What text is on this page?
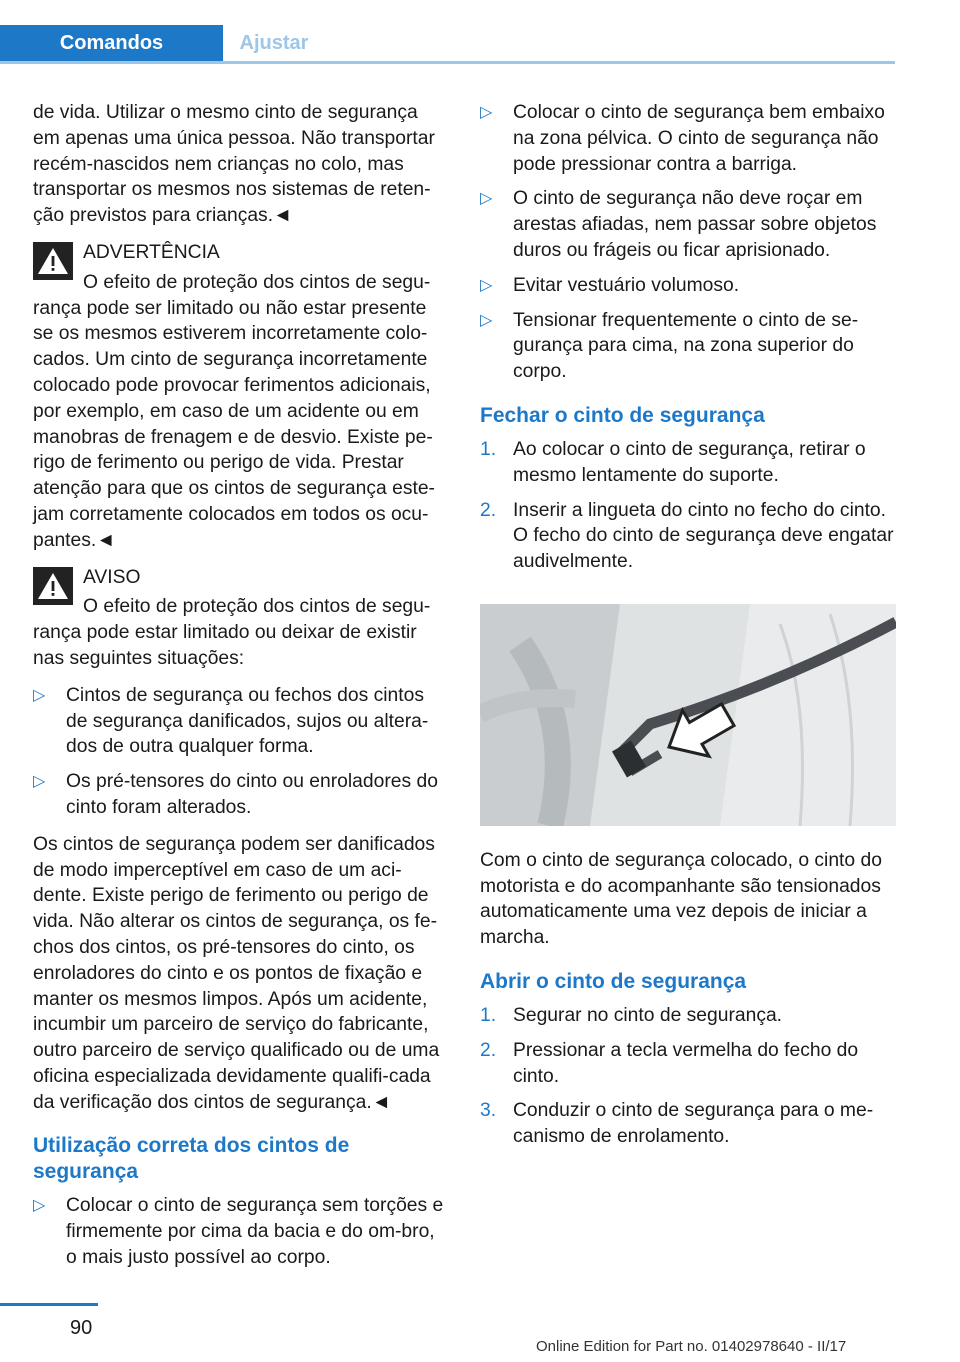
Comandos	Ajustar

de vida. Utilizar o mesmo cinto de segurança em apenas uma única pessoa. Não transportar recém-nascidos nem crianças no colo, mas transportar os mesmos nos sistemas de reten-ção previstos para crianças.◄

ADVERTÊNCIA
O efeito de proteção dos cintos de segu-
rança pode ser limitado ou não estar presente se os mesmos estiverem incorretamente colo-cados. Um cinto de segurança incorretamente colocado pode provocar ferimentos adicionais, por exemplo, em caso de um acidente ou em manobras de frenagem e de desvio. Existe pe-rigo de ferimento ou perigo de vida. Prestar atenção para que os cintos de segurança este-jam corretamente colocados em todos os ocu-pantes.◄
AVISO
O efeito de proteção dos cintos de segu-
rança pode estar limitado ou deixar de existir nas seguintes situações:
▷ Cintos de segurança ou fechos dos cintos de segurança danificados, sujos ou altera-dos de outra qualquer forma.
▷ Os pré-tensores do cinto ou enroladores do cinto foram alterados.

Os cintos de segurança podem ser danificados de modo imperceptível em caso de um aci-dente. Existe perigo de ferimento ou perigo de vida. Não alterar os cintos de segurança, os fe-chos dos cintos, os pré-tensores do cinto, os enroladores do cinto e os pontos de fixação e manter os mesmos limpos. Após um acidente, incumbir um parceiro de serviço do fabricante, outro parceiro de serviço qualificado ou de uma oficina especializada devidamente qualifi-cada da verificação dos cintos de segurança.◄

Utilização correta dos cintos de segurança
▷ Colocar o cinto de segurança sem torções e firmemente por cima da bacia e do om-bro, o mais justo possível ao corpo.
▷ Colocar o cinto de segurança bem embaixo na zona pélvica. O cinto de segurança não pode pressionar contra a barriga.
▷ O cinto de segurança não deve roçar em arestas afiadas, nem passar sobre objetos duros ou frágeis ou ficar aprisionado.
▷ Evitar vestuário volumoso.
▷ Tensionar frequentemente o cinto de se-gurança para cima, na zona superior do corpo.
Fechar o cinto de segurança
1. Ao colocar o cinto de segurança, retirar o mesmo lentamente do suporte.
2. Inserir a lingueta do cinto no fecho do cinto. O fecho do cinto de segurança deve engatar audivelmente.

Com o cinto de segurança colocado, o cinto do motorista e do acompanhante são tensionados automaticamente uma vez depois de iniciar a marcha.

Abrir o cinto de segurança
1. Segurar no cinto de segurança.
2. Pressionar a tecla vermelha do fecho do cinto.
3. Conduzir o cinto de segurança para o me-canismo de enrolamento.
90
Online Edition for Part no. 01402978640 - II/17
